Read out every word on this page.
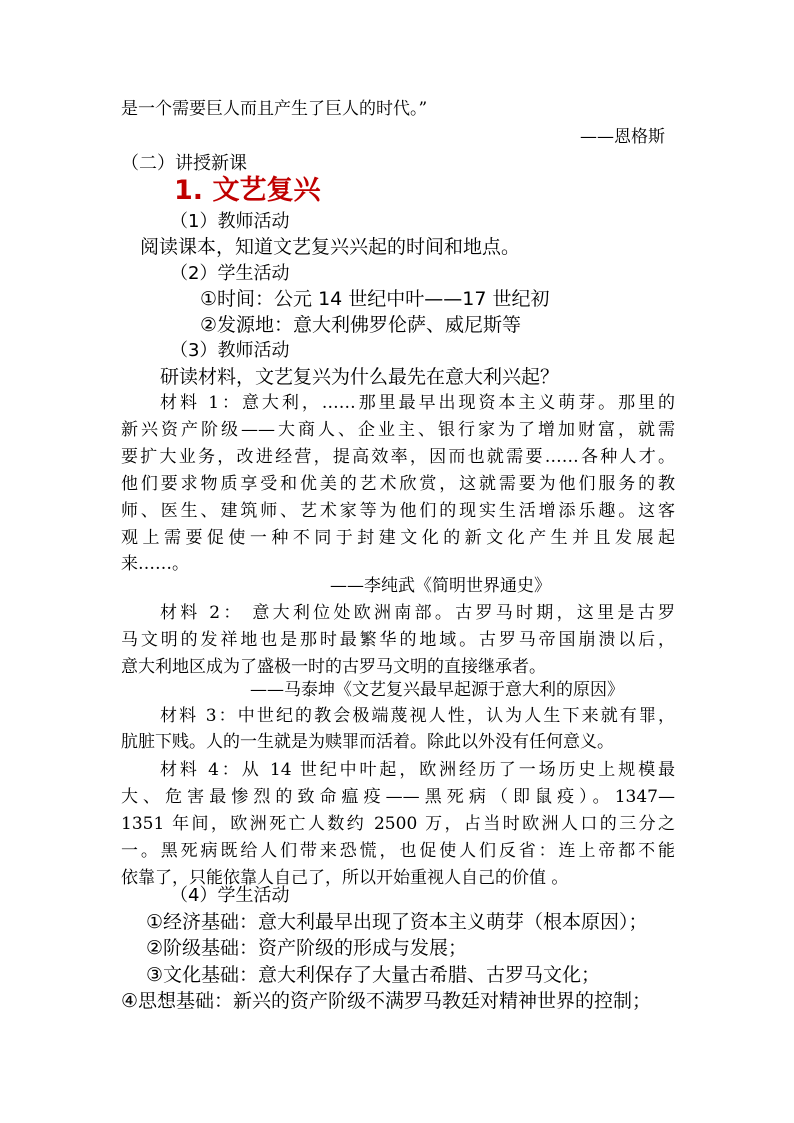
是一个需要巨人而且产生了巨人的时代。”
——恩格斯
（二）讲授新课
1. 文艺复兴
（1）教师活动
阅读课本，知道文艺复兴兴起的时间和地点。
（2）学生活动
①时间：公元 14 世纪中叶——17 世纪初
②发源地：意大利佛罗伦萨、威尼斯等
（3）教师活动
研读材料，文艺复兴为什么最先在意大利兴起？
材料 1：意大利，……那里最早出现资本主义萌芽。那里的
新兴资产阶级——大商人、企业主、银行家为了增加财富，就需
要扩大业务，改进经营，提高效率，因而也就需要……各种人才。
他们要求物质享受和优美的艺术欣赏，这就需要为他们服务的教
师、医生、建筑师、艺术家等为他们的现实生活增添乐趣。这客
观上需要促使一种不同于封建文化的新文化产生并且发展起
来……。
——李纯武《简明世界通史》
材料 2： 意大利位处欧洲南部。古罗马时期，这里是古罗
马文明的发祥地也是那时最繁华的地域。古罗马帝国崩溃以后，
意大利地区成为了盛极一时的古罗马文明的直接继承者。
——马泰坤《文艺复兴最早起源于意大利的原因》
材料 3：中世纪的教会极端蔑视人性，认为人生下来就有罪，
肮脏下贱。人的一生就是为赎罪而活着。除此以外没有任何意义。
材料 4：从 14 世纪中叶起，欧洲经历了一场历史上规模最
大、危害最惨烈的致命瘟疫——黑死病（即鼠疫）。1347—
1351 年间，欧洲死亡人数约 2500 万，占当时欧洲人口的三分之
一。黑死病既给人们带来恐慌，也促使人们反省：连上帝都不能
依靠了，只能依靠人自己了，所以开始重视人自己的价值 。
（4）学生活动
①经济基础：意大利最早出现了资本主义萌芽（根本原因）；
②阶级基础：资产阶级的形成与发展；
③文化基础：意大利保存了大量古希腊、古罗马文化；
④思想基础：新兴的资产阶级不满罗马教廷对精神世界的控制；
